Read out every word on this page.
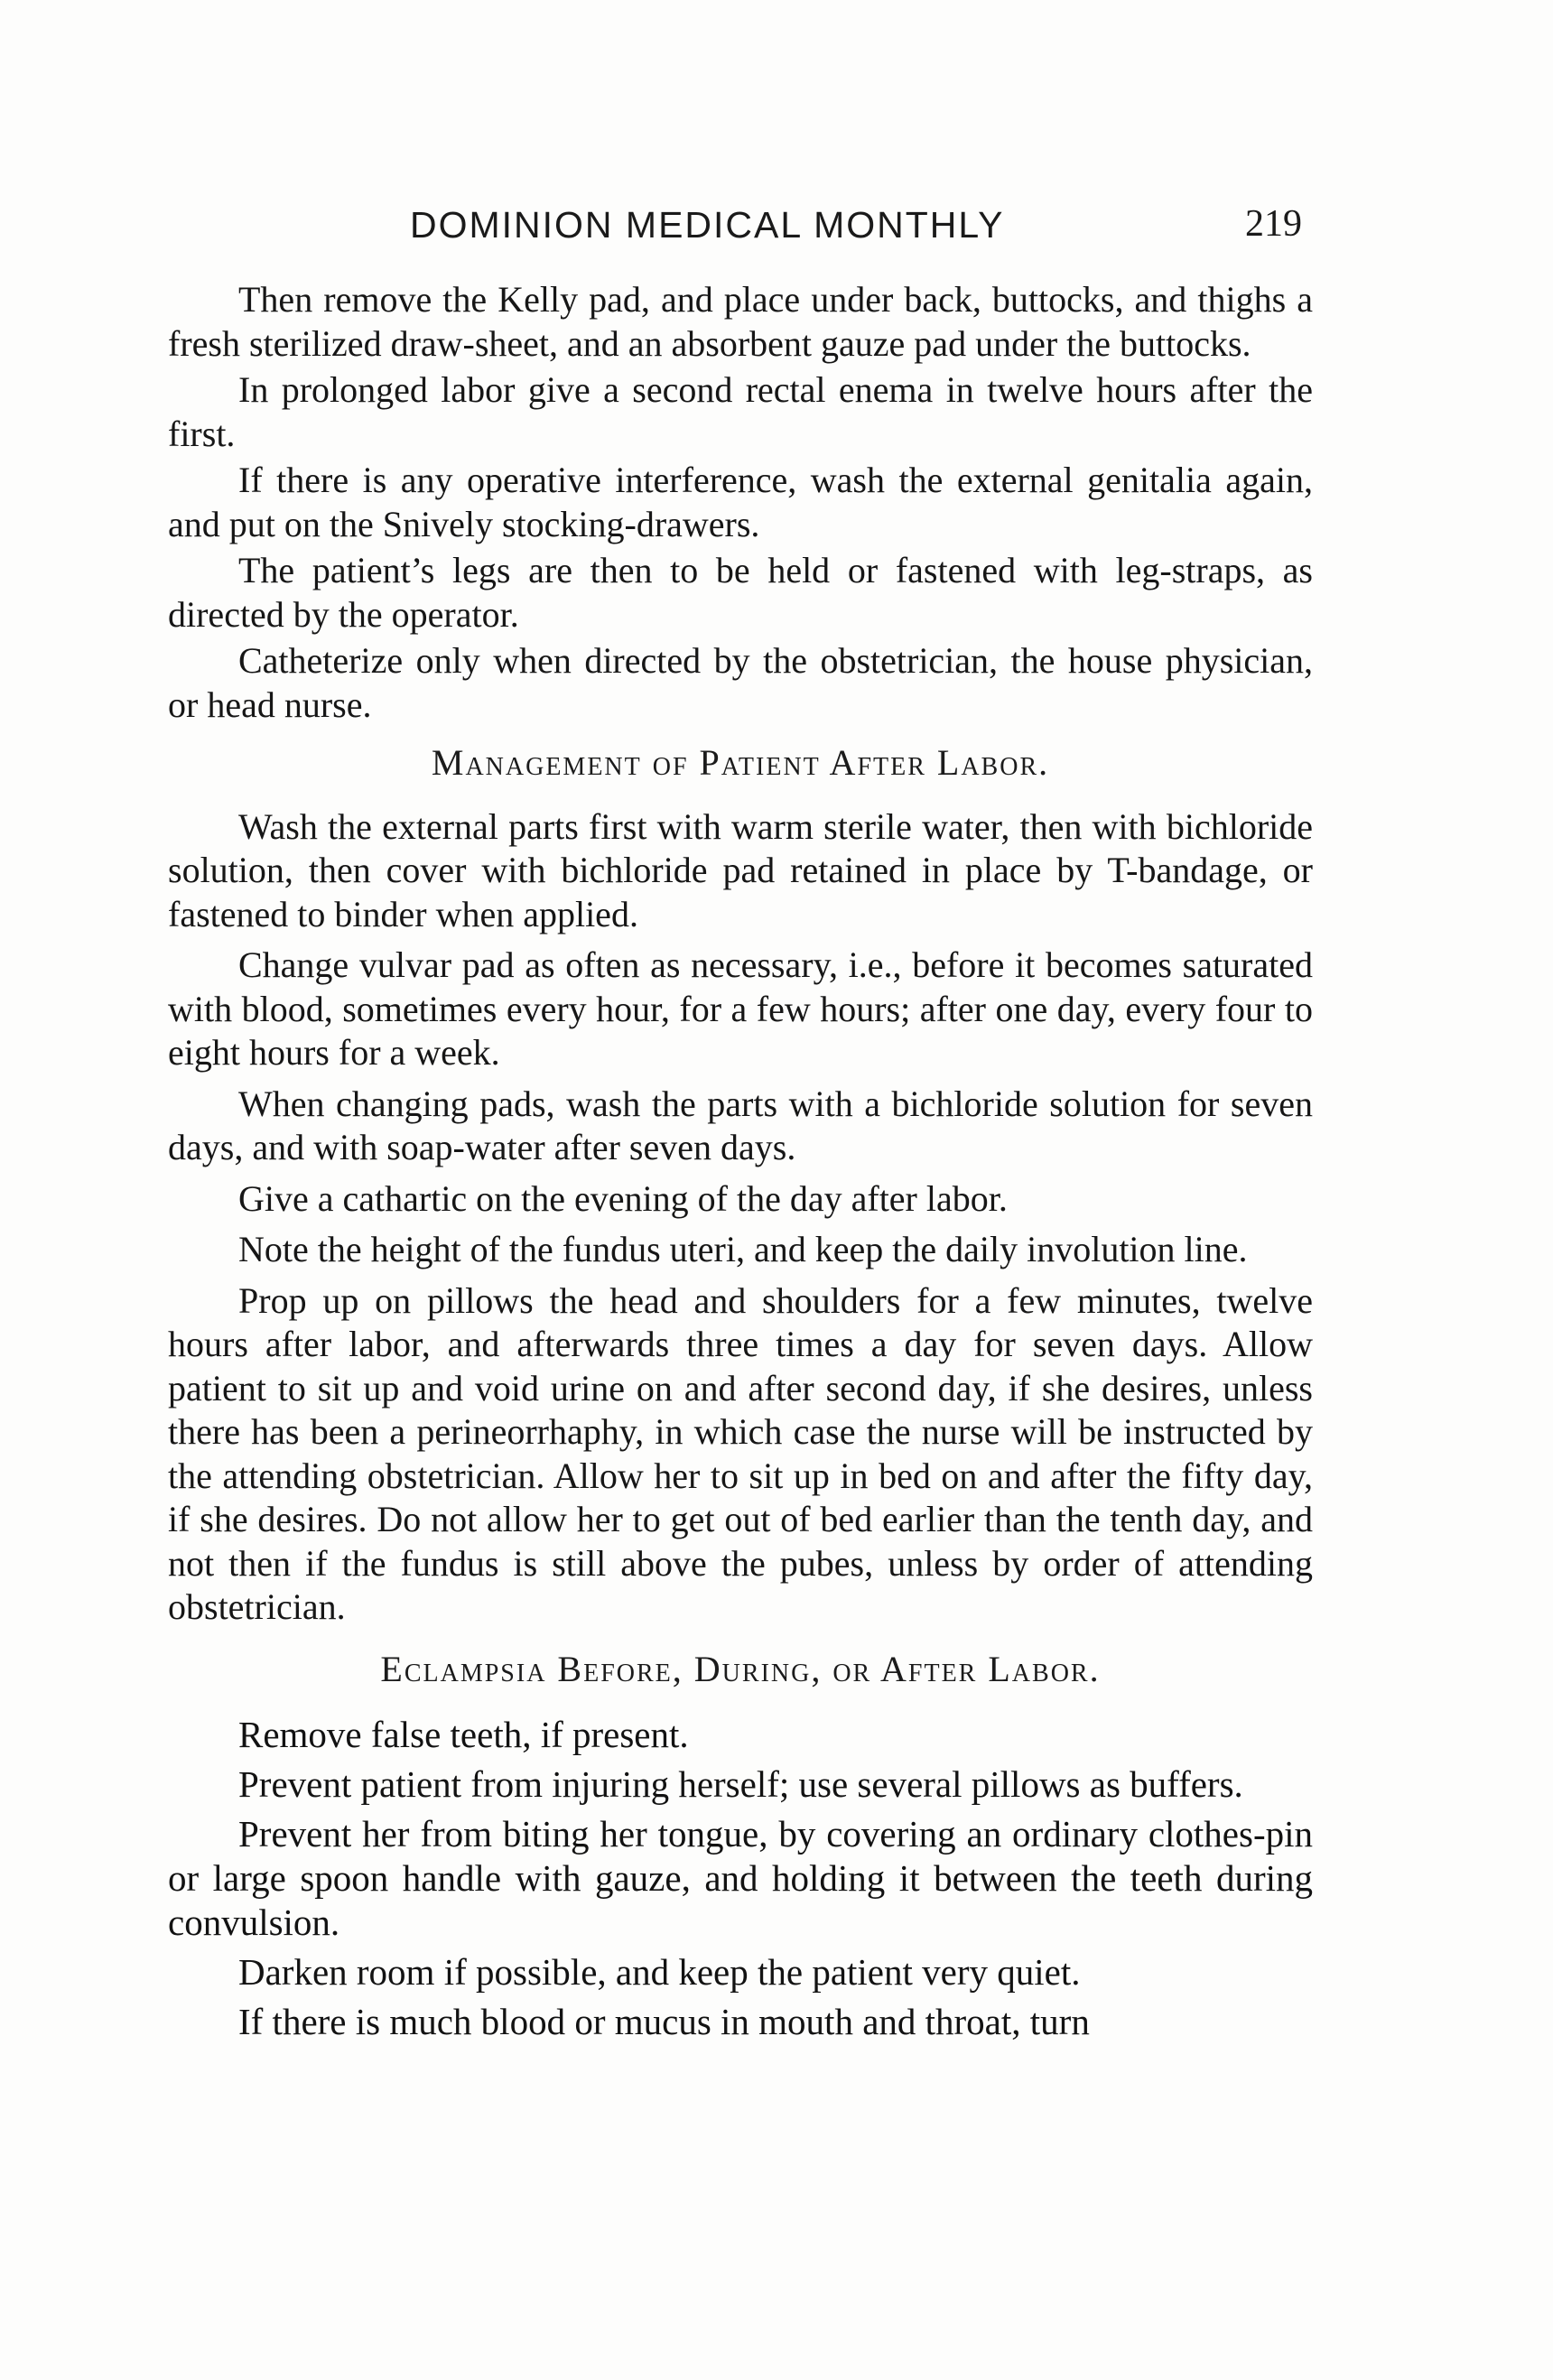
DOMINION MEDICAL MONTHLY	219

Then remove the Kelly pad, and place under back, buttocks, and thighs a fresh sterilized draw-sheet, and an absorbent gauze pad under the buttocks.

In prolonged labor give a second rectal enema in twelve hours after the first.

If there is any operative interference, wash the external genitalia again, and put on the Snively stocking-drawers.

The patient’s legs are then to be held or fastened with leg-straps, as directed by the operator.

Catheterize only when directed by the obstetrician, the house physician, or head nurse.

Management of Patient After Labor.

Wash the external parts first with warm sterile water, then with bichloride solution, then cover with bichloride pad retained in place by T-bandage, or fastened to binder when applied.

Change vulvar pad as often as necessary, i.e., before it becomes saturated with blood, sometimes every hour, for a few hours; after one day, every four to eight hours for a week.

When changing pads, wash the parts with a bichloride solution for seven days, and with soap-water after seven days.

Give a cathartic on the evening of the day after labor.

Note the height of the fundus uteri, and keep the daily involution line.

Prop up on pillows the head and shoulders for a few minutes, twelve hours after labor, and afterwards three times a day for seven days. Allow patient to sit up and void urine on and after second day, if she desires, unless there has been a perineorrhaphy, in which case the nurse will be instructed by the attending obstetrician. Allow her to sit up in bed on and after the fifty day, if she desires. Do not allow her to get out of bed earlier than the tenth day, and not then if the fundus is still above the pubes, unless by order of attending obstetrician.

Eclampsia Before, During, or After Labor.

Remove false teeth, if present.

Prevent patient from injuring herself; use several pillows as buffers.

Prevent her from biting her tongue, by covering an ordinary clothes-pin or large spoon handle with gauze, and holding it between the teeth during convulsion.

Darken room if possible, and keep the patient very quiet.

If there is much blood or mucus in mouth and throat, turn
